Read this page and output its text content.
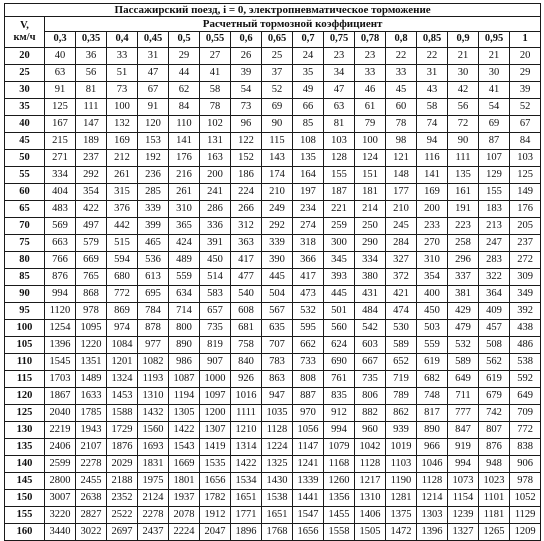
Пассажирский поезд, i = 0, электропневматическое торможение																
V,
км/ч	Расчетный тормозной коэффициент															
	0,3	0,35	0,4	0,45	0,5	0,55	0,6	0,65	0,7	0,75	0,78	0,8	0,85	0,9	0,95	1
20	40	36	33	31	29	27	26	25	24	23	23	22	22	21	21	20
25	63	56	51	47	44	41	39	37	35	34	33	33	31	30	30	29
30	91	81	73	67	62	58	54	52	49	47	46	45	43	42	41	39
35	125	111	100	91	84	78	73	69	66	63	61	60	58	56	54	52
40	167	147	132	120	110	102	96	90	85	81	79	78	74	72	69	67
45	215	189	169	153	141	131	122	115	108	103	100	98	94	90	87	84
50	271	237	212	192	176	163	152	143	135	128	124	121	116	111	107	103
55	334	292	261	236	216	200	186	174	164	155	151	148	141	135	129	125
60	404	354	315	285	261	241	224	210	197	187	181	177	169	161	155	149
65	483	422	376	339	310	286	266	249	234	221	214	210	200	191	183	176
70	569	497	442	399	365	336	312	292	274	259	250	245	233	223	213	205
75	663	579	515	465	424	391	363	339	318	300	290	284	270	258	247	237
80	766	669	594	536	489	450	417	390	366	345	334	327	310	296	283	272
85	876	765	680	613	559	514	477	445	417	393	380	372	354	337	322	309
90	994	868	772	695	634	583	540	504	473	445	431	421	400	381	364	349
95	1120	978	869	784	714	657	608	567	532	501	484	474	450	429	409	392
100	1254	1095	974	878	800	735	681	635	595	560	542	530	503	479	457	438
105	1396	1220	1084	977	890	819	758	707	662	624	603	589	559	532	508	486
110	1545	1351	1201	1082	986	907	840	783	733	690	667	652	619	589	562	538
115	1703	1489	1324	1193	1087	1000	926	863	808	761	735	719	682	649	619	592
120	1867	1633	1453	1310	1194	1097	1016	947	887	835	806	789	748	711	679	649
125	2040	1785	1588	1432	1305	1200	1111	1035	970	912	882	862	817	777	742	709
130	2219	1943	1729	1560	1422	1307	1210	1128	1056	994	960	939	890	847	807	772
135	2406	2107	1876	1693	1543	1419	1314	1224	1147	1079	1042	1019	966	919	876	838
140	2599	2278	2029	1831	1669	1535	1422	1325	1241	1168	1128	1103	1046	994	948	906
145	2800	2455	2188	1975	1801	1656	1534	1430	1339	1260	1217	1190	1128	1073	1023	978
150	3007	2638	2352	2124	1937	1782	1651	1538	1441	1356	1310	1281	1214	1154	1101	1052
155	3220	2827	2522	2278	2078	1912	1771	1651	1547	1455	1406	1375	1303	1239	1181	1129
160	3440	3022	2697	2437	2224	2047	1896	1768	1656	1558	1505	1472	1396	1327	1265	1209
